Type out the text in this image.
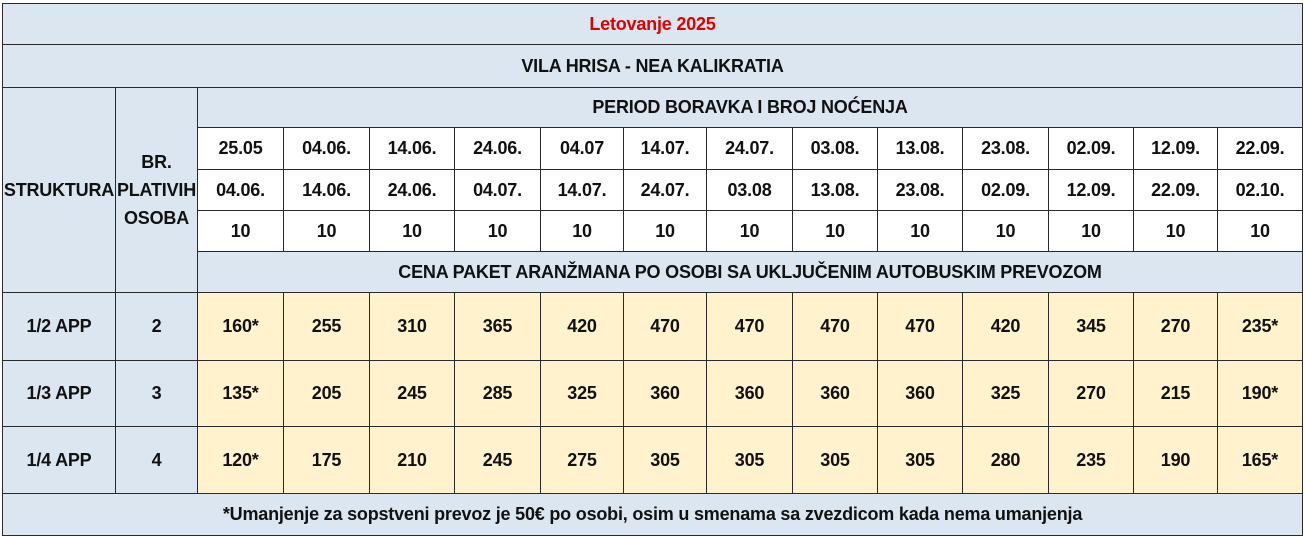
Letovanje 2025														
VILA HRISA - NEA KALIKRATIA														
STRUKTURA	BR. PLATIVIH OSOBA	PERIOD BORAVKA I BROJ NOĆENJA												
		25.05	04.06.	14.06.	24.06.	04.07	14.07.	24.07.	03.08.	13.08.	23.08.	02.09.	12.09.	22.09.
		04.06.	14.06.	24.06.	04.07.	14.07.	24.07.	03.08	13.08.	23.08.	02.09.	12.09.	22.09.	02.10.
		10	10	10	10	10	10	10	10	10	10	10	10	10
		CENA PAKET ARANŽMANA PO OSOBI SA UKLJUČENIM AUTOBUSKIM PREVOZOM												
1/2 APP	2	160*	255	310	365	420	470	470	470	470	420	345	270	235*
1/3 APP	3	135*	205	245	285	325	360	360	360	360	325	270	215	190*
1/4 APP	4	120*	175	210	245	275	305	305	305	305	280	235	190	165*
*Umanjenje za sopstveni prevoz je 50€ po osobi, osim u smenama sa zvezdicom kada nema umanjenja														
